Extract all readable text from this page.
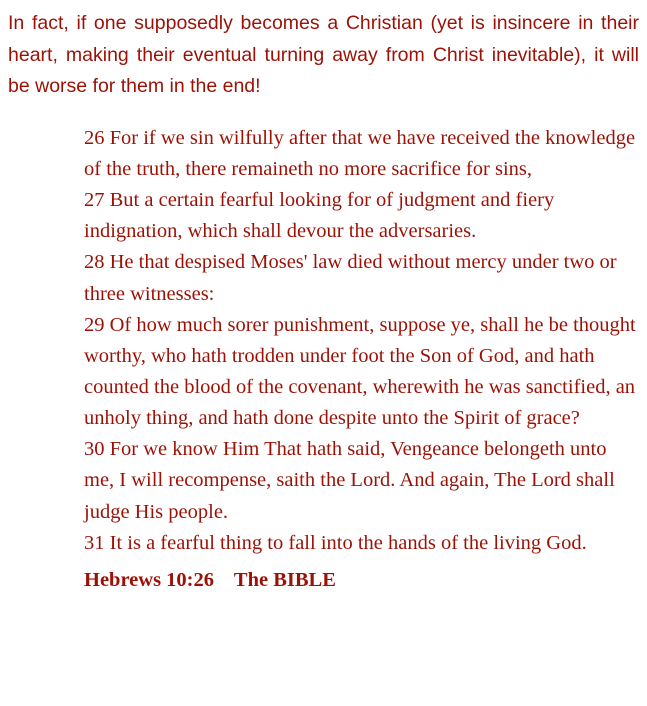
In fact, if one supposedly becomes a Christian (yet is insincere in their heart, making their eventual turning away from Christ inevitable), it will be worse for them in the end!

26 For if we sin wilfully after that we have received the knowledge of the truth, there remaineth no more sacrifice for sins,

27 But a certain fearful looking for of judgment and fiery indignation, which shall devour the adversaries.

28 He that despised Moses' law died without mercy under two or three witnesses:

29 Of how much sorer punishment, suppose ye, shall he be thought worthy, who hath trodden under foot the Son of God, and hath counted the blood of the covenant, wherewith he was sanctified, an unholy thing, and hath done despite unto the Spirit of grace?

30 For we know Him That hath said, Vengeance belongeth unto me, I will recompense, saith the Lord. And again, The Lord shall judge His people.

31 It is a fearful thing to fall into the hands of the living God.

Hebrews 10:26 The BIBLE
